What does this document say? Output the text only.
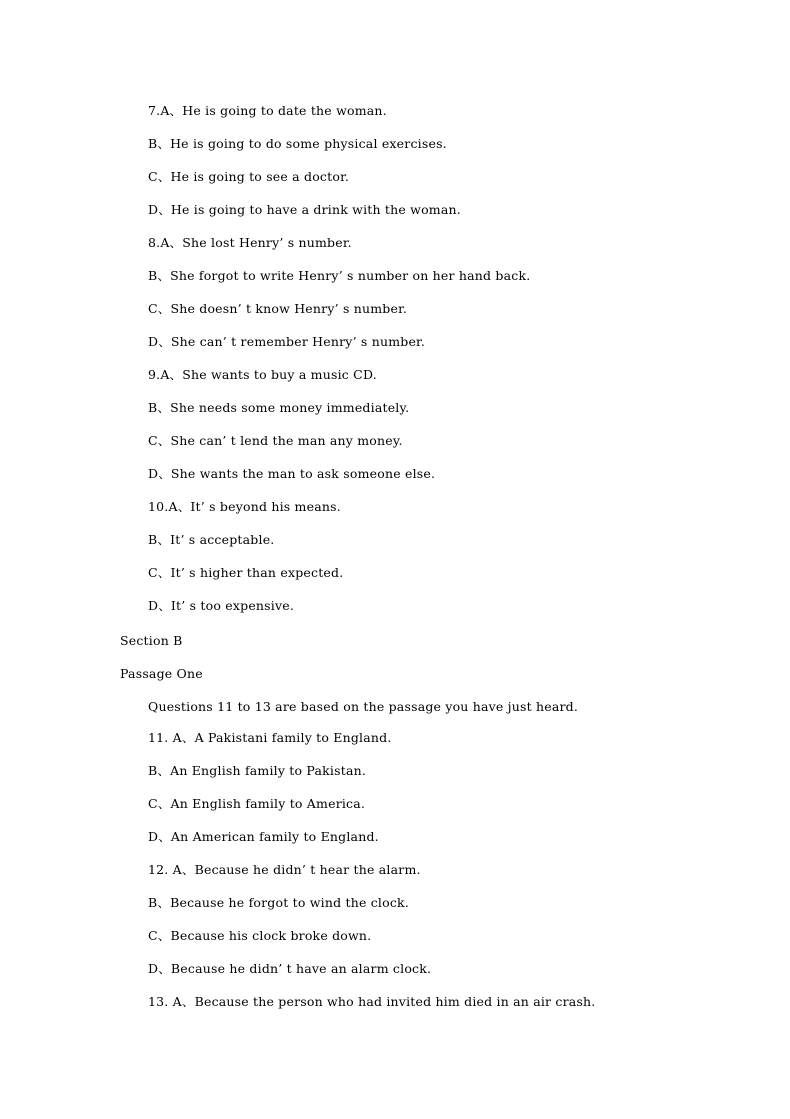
7.A、He is going to date the woman.
B、He is going to do some physical exercises.
C、He is going to see a doctor.
D、He is going to have a drink with the woman.
8.A、She lost Henry’ s number.
B、She forgot to write Henry’ s number on her hand back.
C、She doesn’ t know Henry’ s number.
D、She can’ t remember Henry’ s number.
9.A、She wants to buy a music CD.
B、She needs some money immediately.
C、She can’ t lend the man any money.
D、She wants the man to ask someone else.
10.A、It’ s beyond his means.
B、It’ s acceptable.
C、It’ s higher than expected.
D、It’ s too expensive.
Section B
Passage One
Questions 11 to 13 are based on the passage you have just heard.
11. A、A Pakistani family to England.
B、An English family to Pakistan.
C、An English family to America.
D、An American family to England.
12. A、Because he didn’ t hear the alarm.
B、Because he forgot to wind the clock.
C、Because his clock broke down.
D、Because he didn’ t have an alarm clock.
13. A、Because the person who had invited him died in an air crash.
